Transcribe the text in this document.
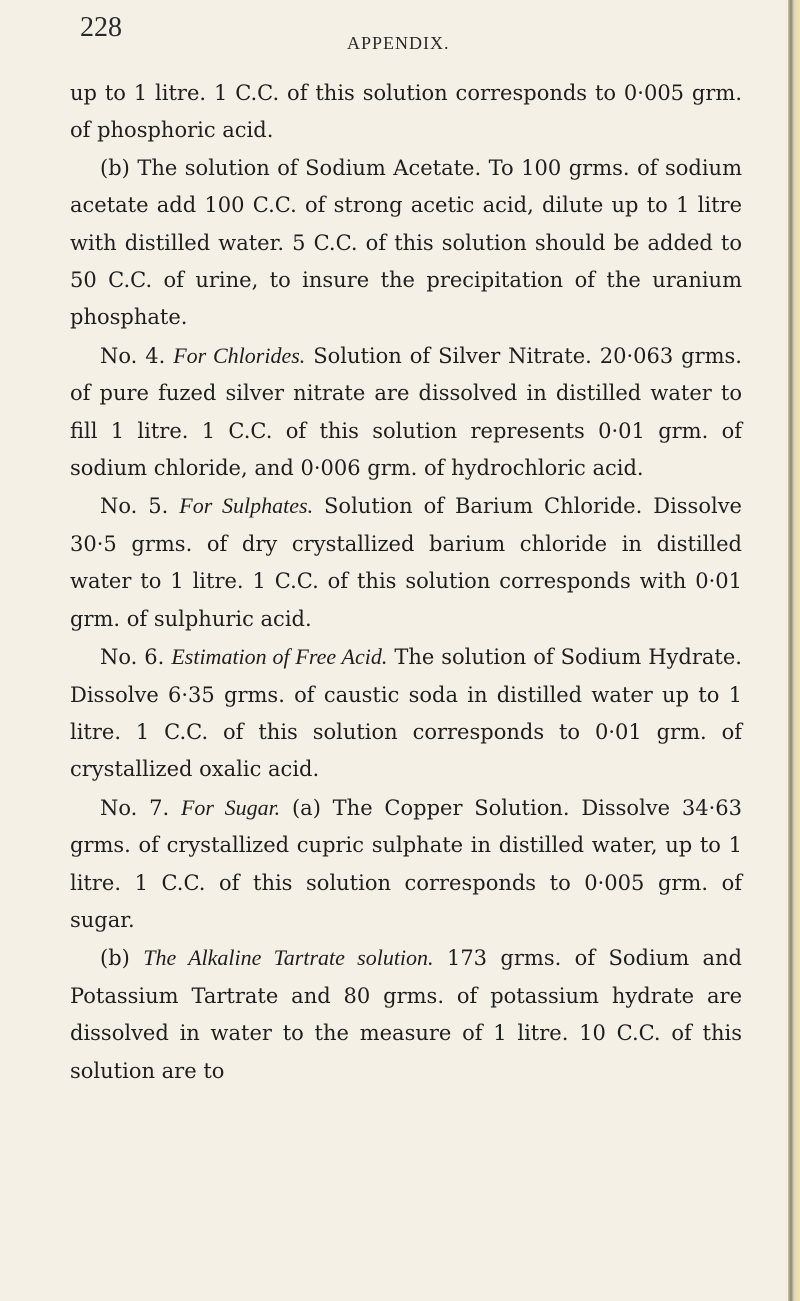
228	APPENDIX.

up to 1 litre. 1 C.C. of this solution corresponds to 0·005 grm. of phosphoric acid.

(b) The solution of Sodium Acetate. To 100 grms. of sodium acetate add 100 C.C. of strong acetic acid, dilute up to 1 litre with distilled water. 5 C.C. of this solution should be added to 50 C.C. of urine, to insure the precipitation of the uranium phosphate.

No. 4. For Chlorides. Solution of Silver Nitrate. 20·063 grms. of pure fuzed silver nitrate are dissolved in distilled water to fill 1 litre. 1 C.C. of this solution represents 0·01 grm. of sodium chloride, and 0·006 grm. of hydrochloric acid.

No. 5. For Sulphates. Solution of Barium Chloride. Dissolve 30·5 grms. of dry crystallized barium chloride in distilled water to 1 litre. 1 C.C. of this solution corresponds with 0·01 grm. of sulphuric acid.

No. 6. Estimation of Free Acid. The solution of Sodium Hydrate. Dissolve 6·35 grms. of caustic soda in distilled water up to 1 litre. 1 C.C. of this solution corresponds to 0·01 grm. of crystallized oxalic acid.

No. 7. For Sugar. (a) The Copper Solution. Dissolve 34·63 grms. of crystallized cupric sulphate in distilled water, up to 1 litre. 1 C.C. of this solution corresponds to 0·005 grm. of sugar.

(b) The Alkaline Tartrate solution. 173 grms. of Sodium and Potassium Tartrate and 80 grms. of potassium hydrate are dissolved in water to the measure of 1 litre. 10 C.C. of this solution are to
